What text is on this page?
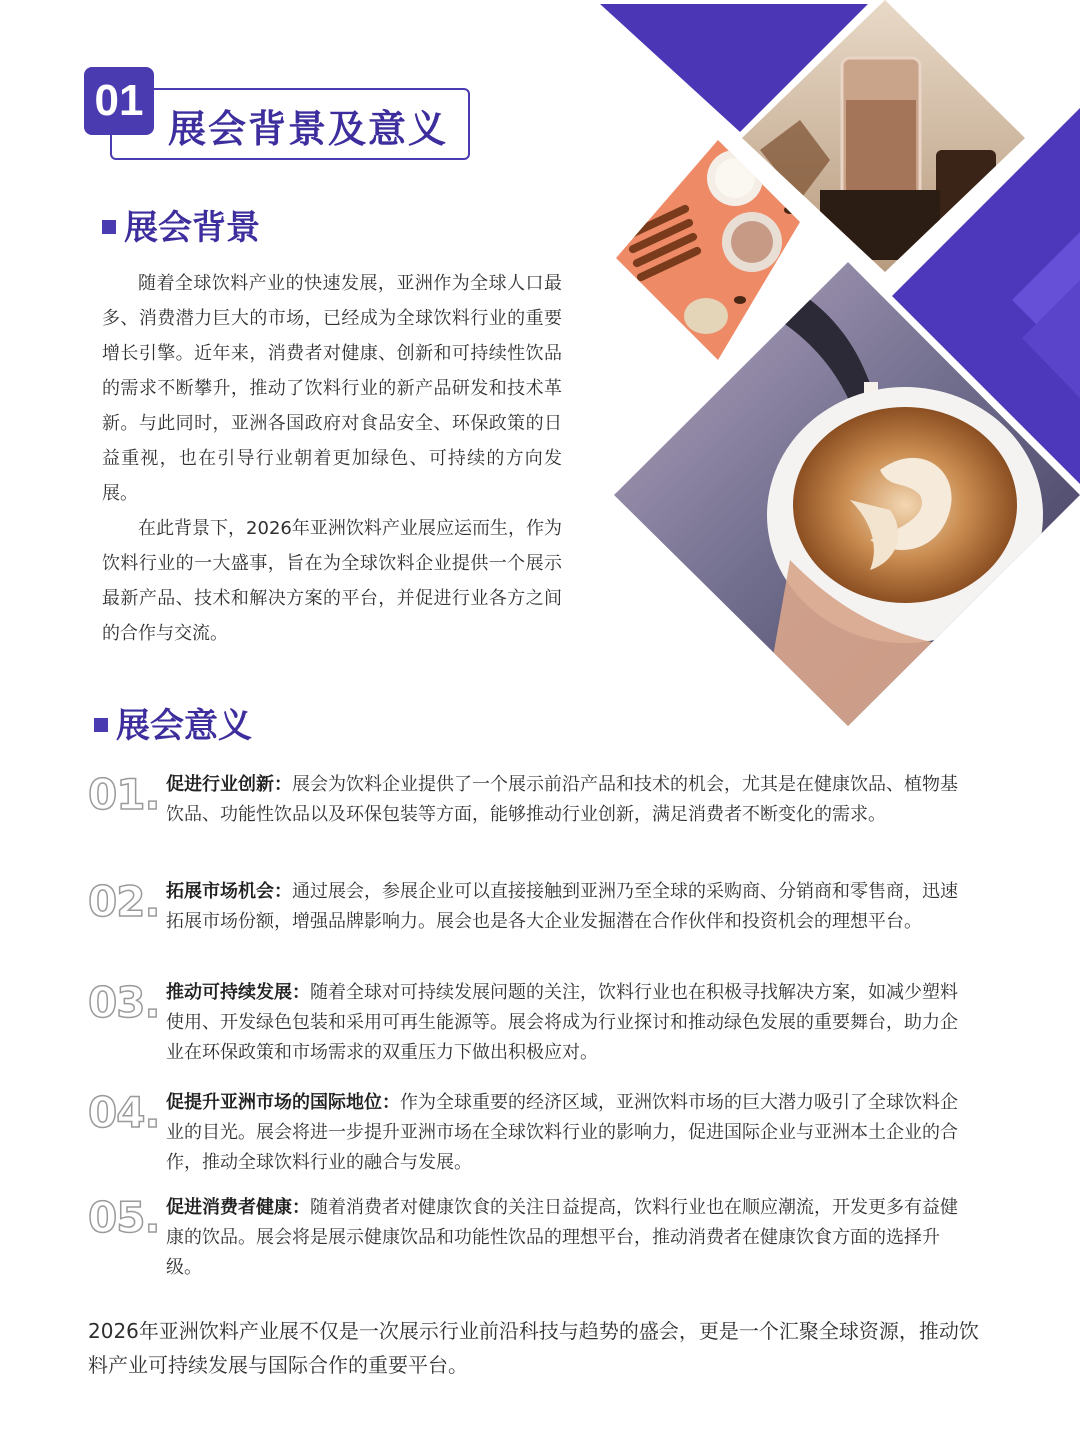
01
展会背景及意义
展会背景

随着全球饮料产业的快速发展，亚洲作为全球人口最多、消费潜力巨大的市场，已经成为全球饮料行业的重要增长引擎。近年来，消费者对健康、创新和可持续性饮品的需求不断攀升，推动了饮料行业的新产品研发和技术革新。与此同时，亚洲各国政府对食品安全、环保政策的日益重视，也在引导行业朝着更加绿色、可持续的方向发展。

在此背景下，2026年亚洲饮料产业展应运而生，作为饮料行业的一大盛事，旨在为全球饮料企业提供一个展示最新产品、技术和解决方案的平台，并促进行业各方之间的合作与交流。

展会意义
01. 促进行业创新：展会为饮料企业提供了一个展示前沿产品和技术的机会，尤其是在健康饮品、植物基饮品、功能性饮品以及环保包装等方面，能够推动行业创新，满足消费者不断变化的需求。
02. 拓展市场机会：通过展会，参展企业可以直接接触到亚洲乃至全球的采购商、分销商和零售商，迅速拓展市场份额，增强品牌影响力。展会也是各大企业发掘潜在合作伙伴和投资机会的理想平台。
03. 推动可持续发展：随着全球对可持续发展问题的关注，饮料行业也在积极寻找解决方案，如减少塑料使用、开发绿色包装和采用可再生能源等。展会将成为行业探讨和推动绿色发展的重要舞台，助力企业在环保政策和市场需求的双重压力下做出积极应对。
04. 促提升亚洲市场的国际地位：作为全球重要的经济区域，亚洲饮料市场的巨大潜力吸引了全球饮料企业的目光。展会将进一步提升亚洲市场在全球饮料行业的影响力，促进国际企业与亚洲本土企业的合作，推动全球饮料行业的融合与发展。
05. 促进消费者健康：随着消费者对健康饮食的关注日益提高，饮料行业也在顺应潮流，开发更多有益健康的饮品。展会将是展示健康饮品和功能性饮品的理想平台，推动消费者在健康饮食方面的选择升级。
2026年亚洲饮料产业展不仅是一次展示行业前沿科技与趋势的盛会，更是一个汇聚全球资源，推动饮料产业可持续发展与国际合作的重要平台。
